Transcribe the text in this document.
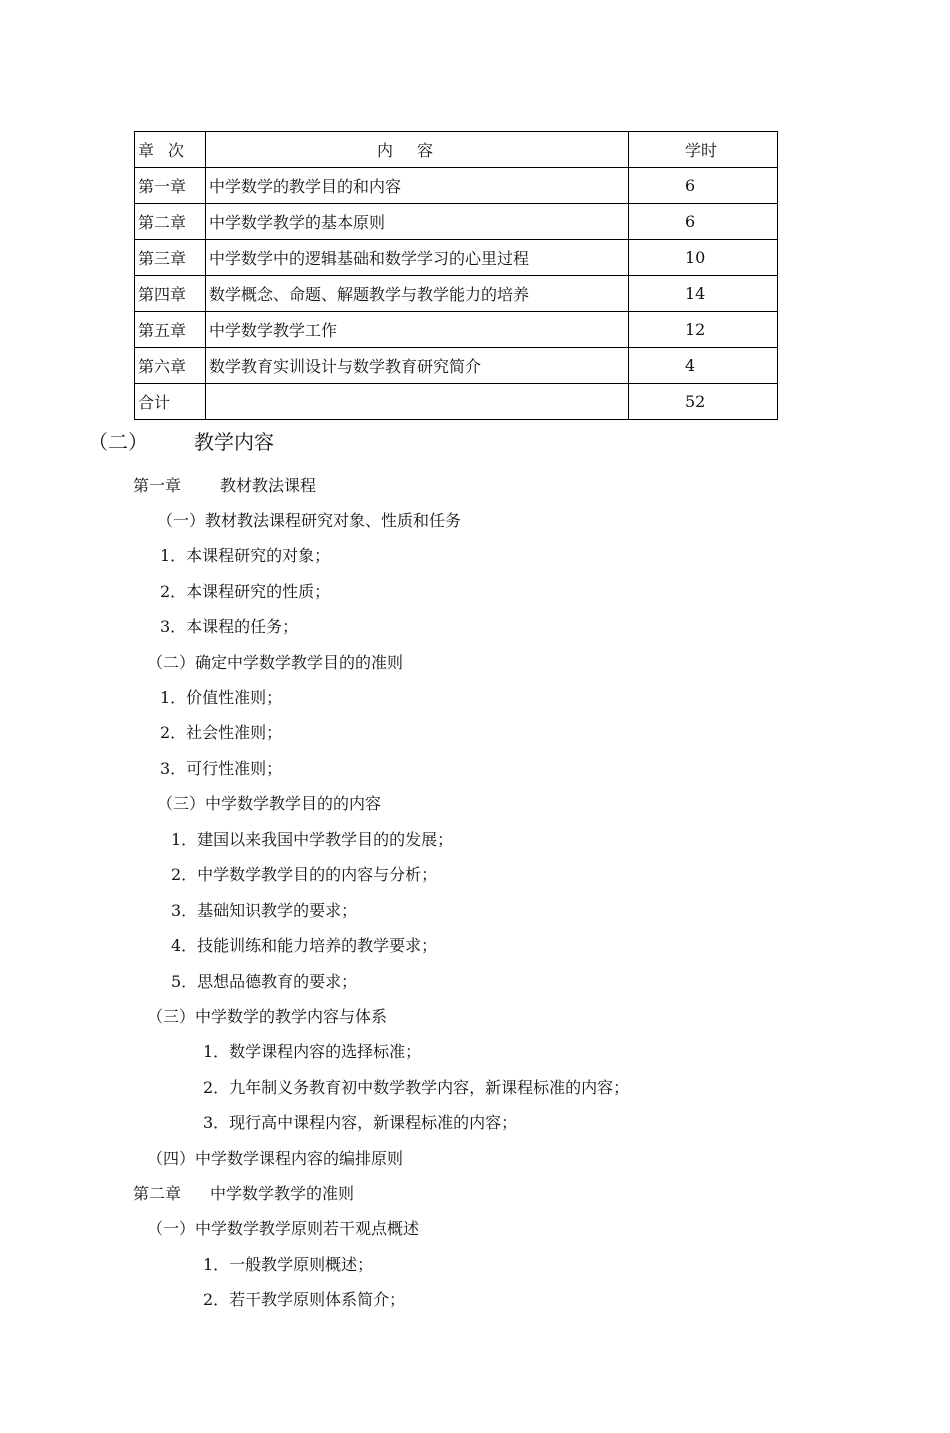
章次	内容	学时
第一章	中学数学的教学目的和内容	6
第二章	中学数学教学的基本原则	6
第三章	中学数学中的逻辑基础和数学学习的心里过程	10
第四章	数学概念、命题、解题教学与教学能力的培养	14
第五章	中学数学教学工作	12
第六章	数学教育实训设计与数学教育研究简介	4
合计		52
（二） 教学内容
第一章 教材教法课程
（一）教材教法课程研究对象、性质和任务
1．本课程研究的对象；
2．本课程研究的性质；
3．本课程的任务；
（二）确定中学数学教学目的的准则
1．价值性准则；
2．社会性准则；
3．可行性准则；
（三）中学数学教学目的的内容
1．建国以来我国中学教学目的的发展；
2．中学数学教学目的的内容与分析；
3．基础知识教学的要求；
4．技能训练和能力培养的教学要求；
5．思想品德教育的要求；
（三）中学数学的教学内容与体系
1．数学课程内容的选择标准；
2．九年制义务教育初中数学教学内容，新课程标准的内容；
3．现行高中课程内容，新课程标准的内容；
（四）中学数学课程内容的编排原则
第二章 中学数学教学的准则
（一）中学数学教学原则若干观点概述
1．一般教学原则概述；
2．若干教学原则体系简介；
